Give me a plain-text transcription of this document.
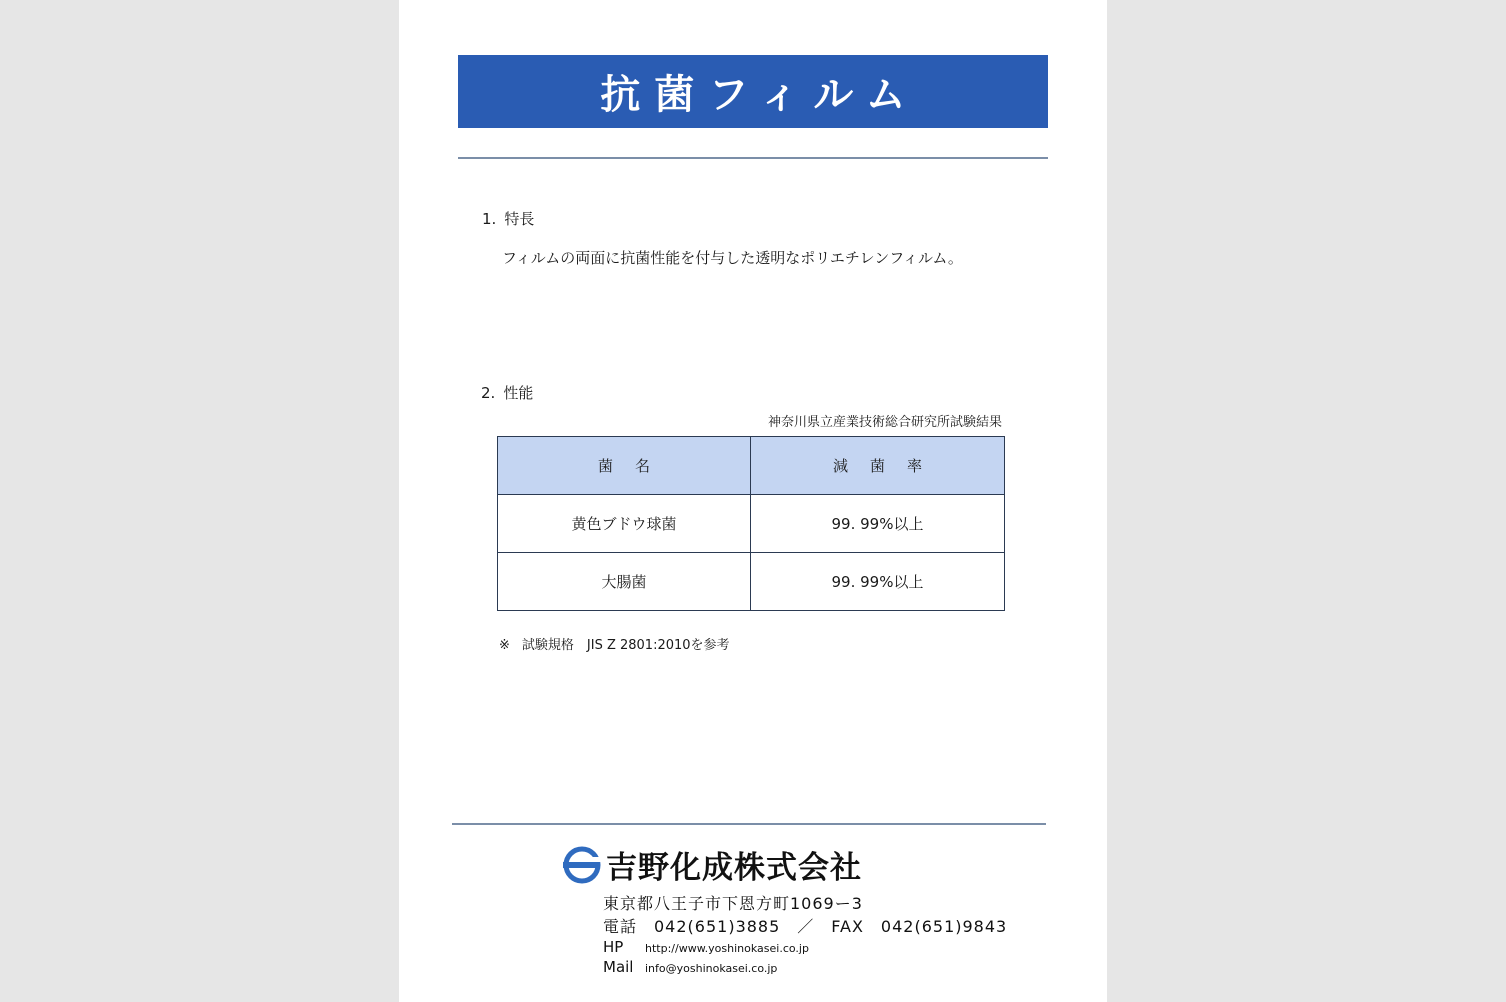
抗菌フィルム
1. 特長
フィルムの両面に抗菌性能を付与した透明なポリエチレンフィルム。
2. 性能
神奈川県立産業技術総合研究所試験結果
菌名	減菌率
黄色ブドウ球菌	99. 99%以上
大腸菌	99. 99%以上
※ 試験規格　JIS Z 2801:2010を参考
吉野化成株式会社
東京都八王子市下恩方町1069ー3
電話　042(651)3885　／　FAX　042(651)9843
HP http://www.yoshinokasei.co.jp
Mail info@yoshinokasei.co.jp
